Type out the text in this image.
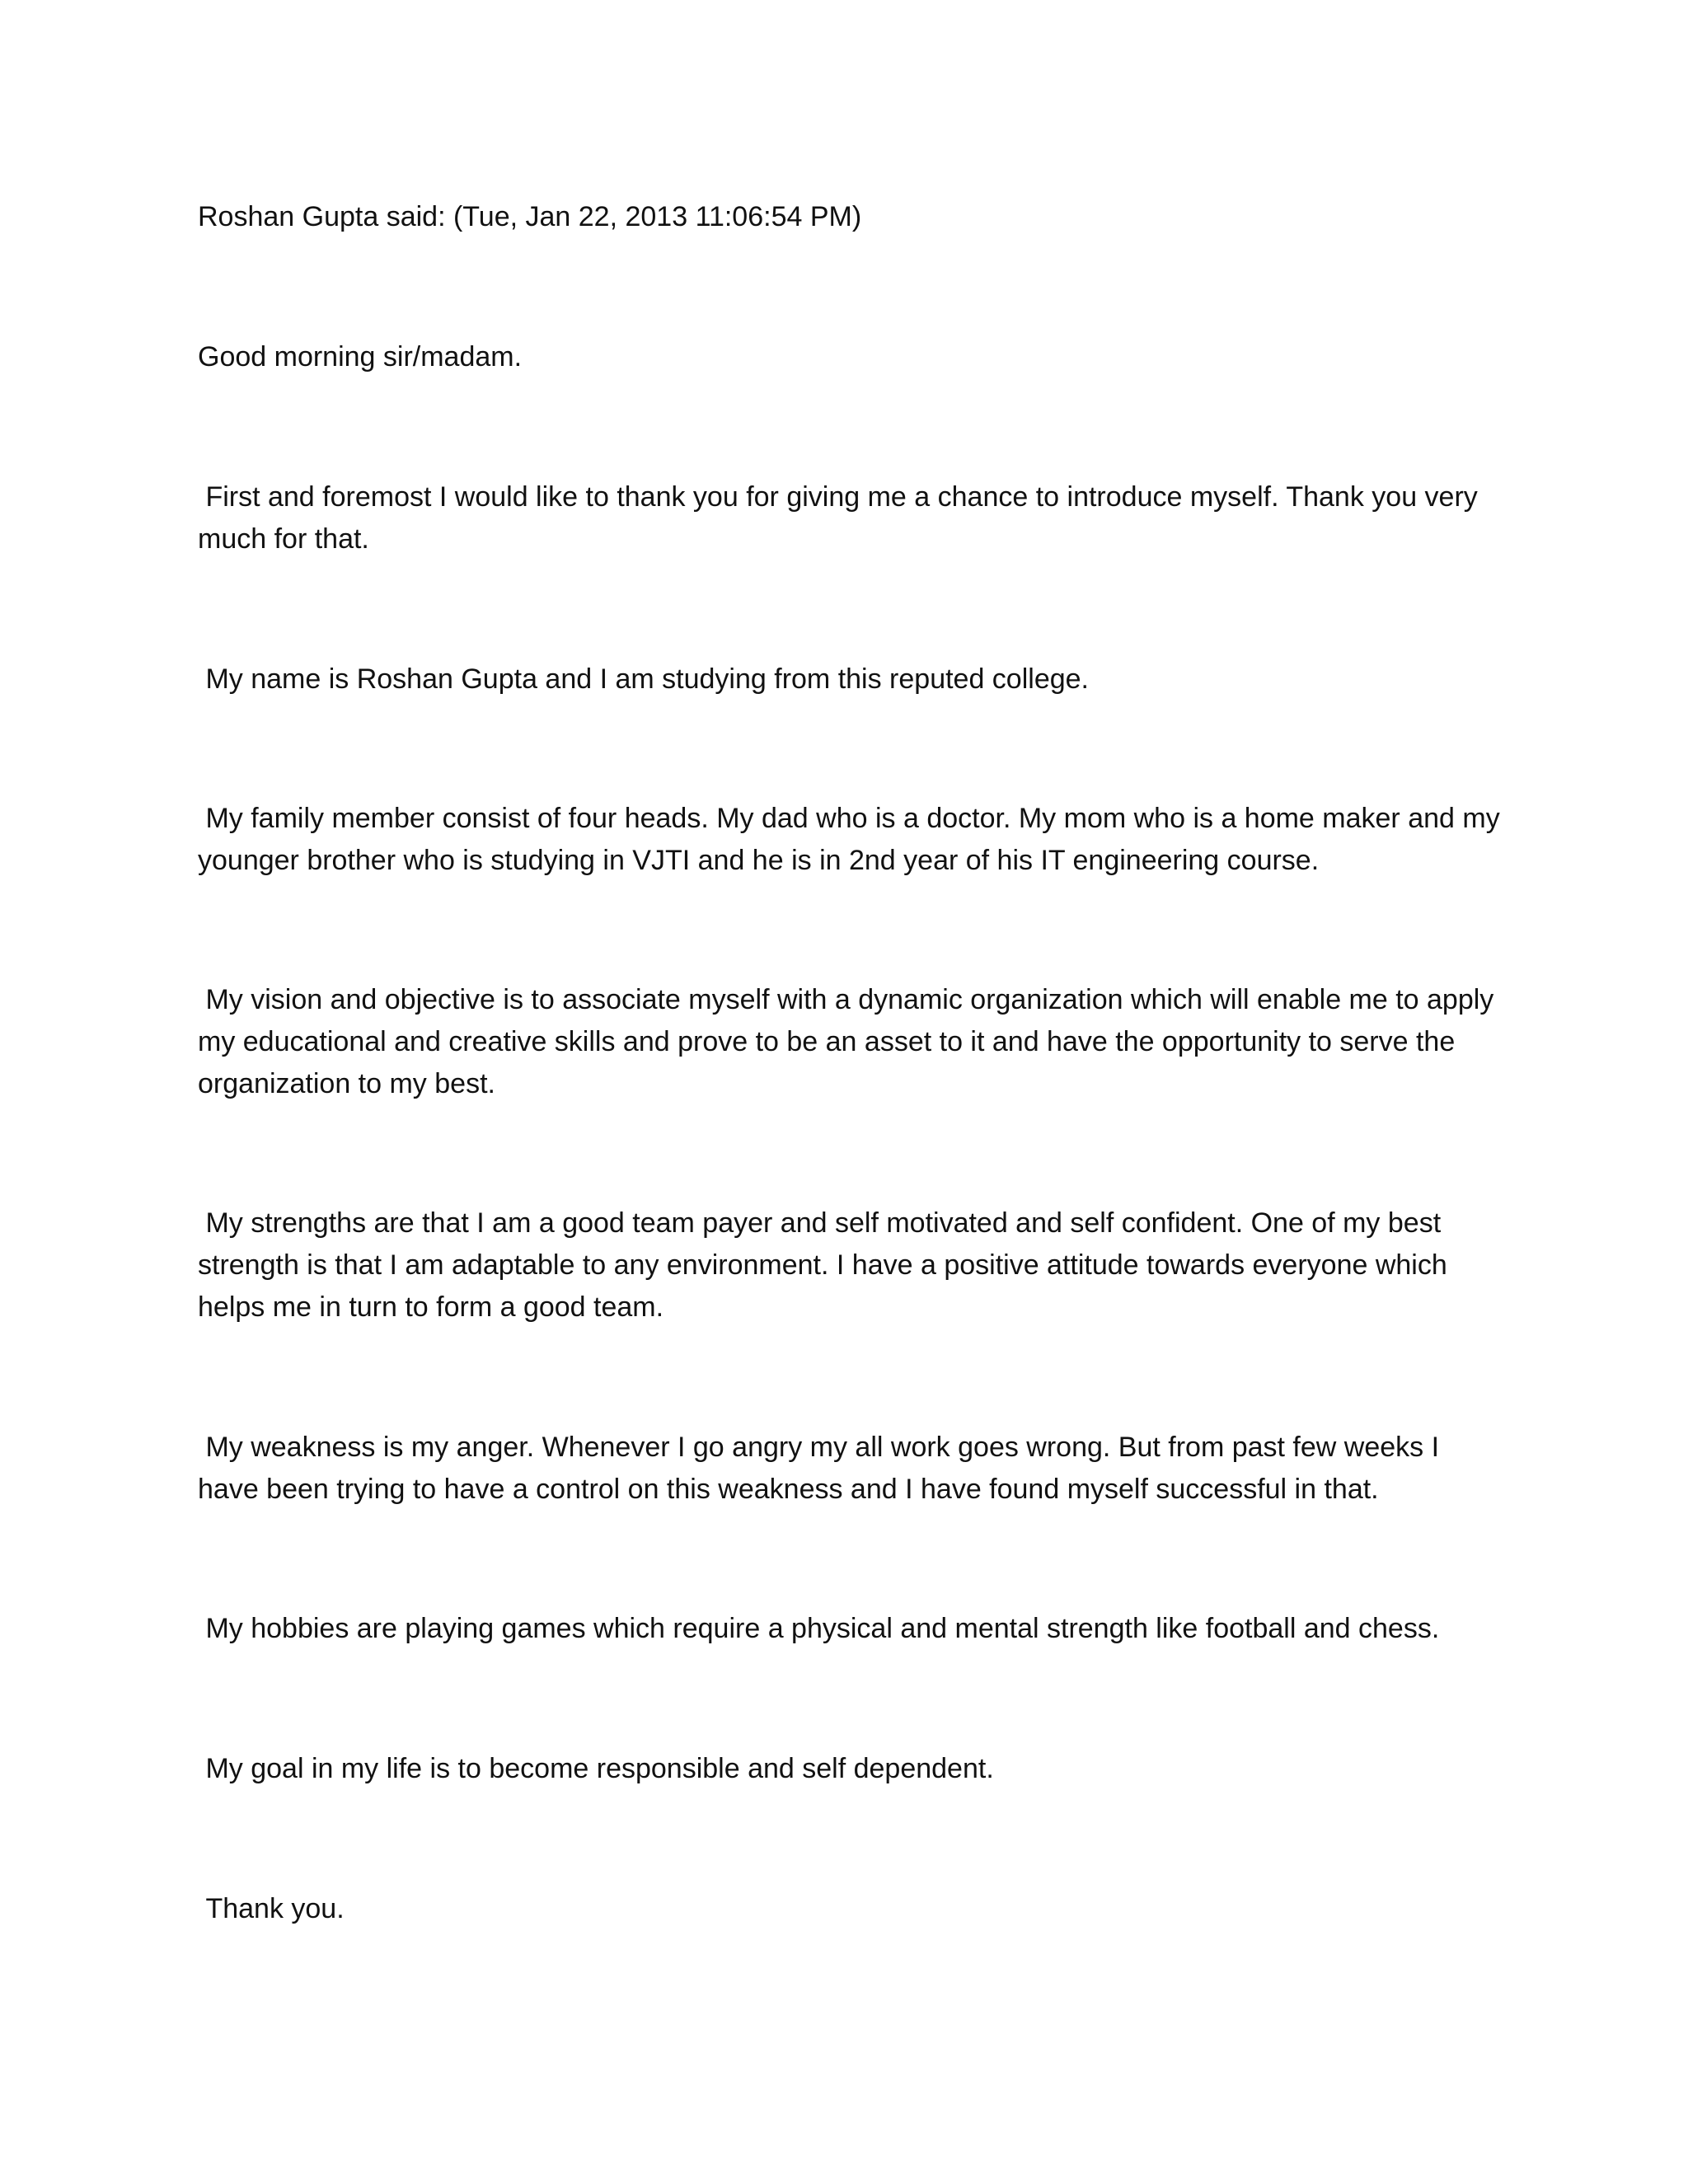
Roshan Gupta said: (Tue, Jan 22, 2013 11:06:54 PM)

Good morning sir/madam.

First and foremost I would like to thank you for giving me a chance to introduce myself. Thank you very much for that.

My name is Roshan Gupta and I am studying from this reputed college.

My family member consist of four heads. My dad who is a doctor. My mom who is a home maker and my younger brother who is studying in VJTI and he is in 2nd year of his IT engineering course.

My vision and objective is to associate myself with a dynamic organization which will enable me to apply my educational and creative skills and prove to be an asset to it and have the opportunity to serve the organization to my best.

My strengths are that I am a good team payer and self motivated and self confident. One of my best strength is that I am adaptable to any environment. I have a positive attitude towards everyone which helps me in turn to form a good team.

My weakness is my anger. Whenever I go angry my all work goes wrong. But from past few weeks I have been trying to have a control on this weakness and I have found myself successful in that.

My hobbies are playing games which require a physical and mental strength like football and chess.

My goal in my life is to become responsible and self dependent.

Thank you.
